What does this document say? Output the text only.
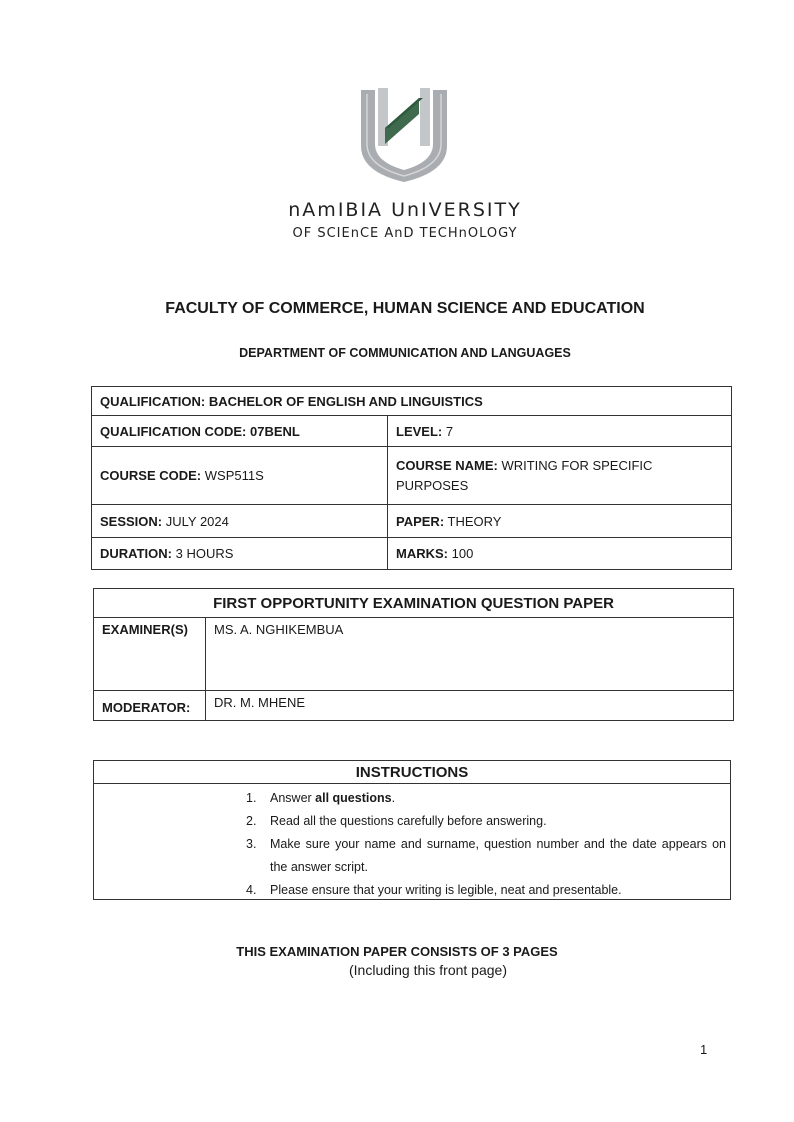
nAmIBIA UnIVERSITY
OF SCIEnCE AnD TECHnOLOGY
FACULTY OF COMMERCE, HUMAN SCIENCE AND EDUCATION
DEPARTMENT OF COMMUNICATION AND LANGUAGES
QUALIFICATION: BACHELOR OF ENGLISH AND LINGUISTICS	
QUALIFICATION CODE: 07BENL	LEVEL: 7
COURSE CODE: WSP511S	COURSE NAME: WRITING FOR SPECIFIC PURPOSES
SESSION: JULY 2024	PAPER: THEORY
DURATION: 3 HOURS	MARKS: 100
FIRST OPPORTUNITY EXAMINATION QUESTION PAPER	
EXAMINER(S)	MS. A. NGHIKEMBUA
MODERATOR:	DR. M. MHENE
INSTRUCTIONS
1. Answer all questions.
2. Read all the questions carefully before answering.
3. Make sure your name and surname, question number and the date appears on the answer script.
4. Please ensure that your writing is legible, neat and presentable.
THIS EXAMINATION PAPER CONSISTS OF 3 PAGES
(Including this front page)
1
